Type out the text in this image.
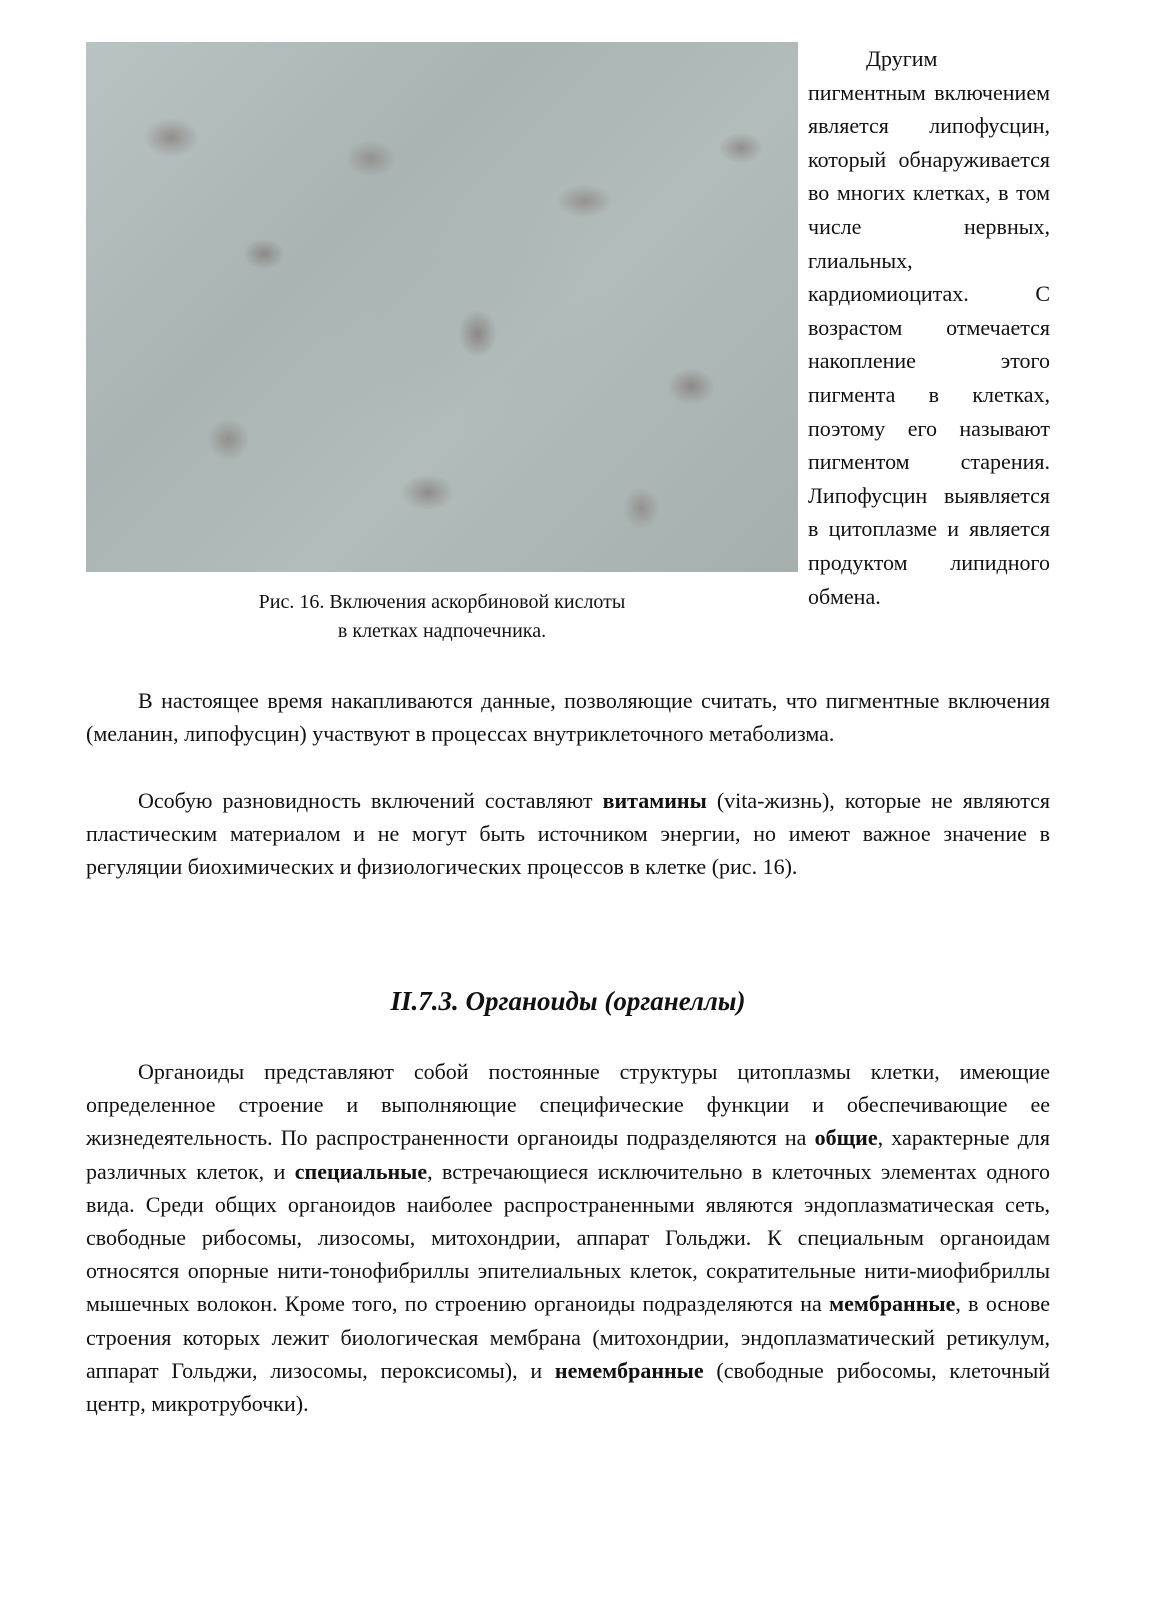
Рис. 16. Включения аскорбиновой кислоты
в клетках надпочечника.
Другим пигментным включением является липофусцин, который обнаруживается во многих клетках, в том числе нервных, глиальных, кардиомиоцитах. С возрастом отмечается накопление этого пигмента в клетках, поэтому его называют пигментом старения. Липофусцин выявляется в цитоплазме и является продуктом липидного обмена.

В настоящее время накапливаются данные, позволяющие считать, что пигментные включения (меланин, липофусцин) участвуют в процессах внутриклеточного метаболизма.

Особую разновидность включений составляют витамины (vita-жизнь), которые не являются пластическим материалом и не могут быть источником энергии, но имеют важное значение в регуляции биохимических и физиологических процессов в клетке (рис. 16).

II.7.3. Органоиды (органеллы)

Органоиды представляют собой постоянные структуры цитоплазмы клетки, имеющие определенное строение и выполняющие специфические функции и обеспечивающие ее жизнедеятельность. По распространенности органоиды подразделяются на общие, характерные для различных клеток, и специальные, встречающиеся исключительно в клеточных элементах одного вида. Среди общих органоидов наиболее распространенными являются эндоплазматическая сеть, свободные рибосомы, лизосомы, митохондрии, аппарат Гольджи. К специальным органоидам относятся опорные нити-тонофибриллы эпителиальных клеток, сократительные нити-миофибриллы мышечных волокон. Кроме того, по строению органоиды подразделяются на мембранные, в основе строения которых лежит биологическая мембрана (митохондрии, эндоплазматический ретикулум, аппарат Гольджи, лизосомы, пероксисомы), и немембранные (свободные рибосомы, клеточный центр, микротрубочки).
